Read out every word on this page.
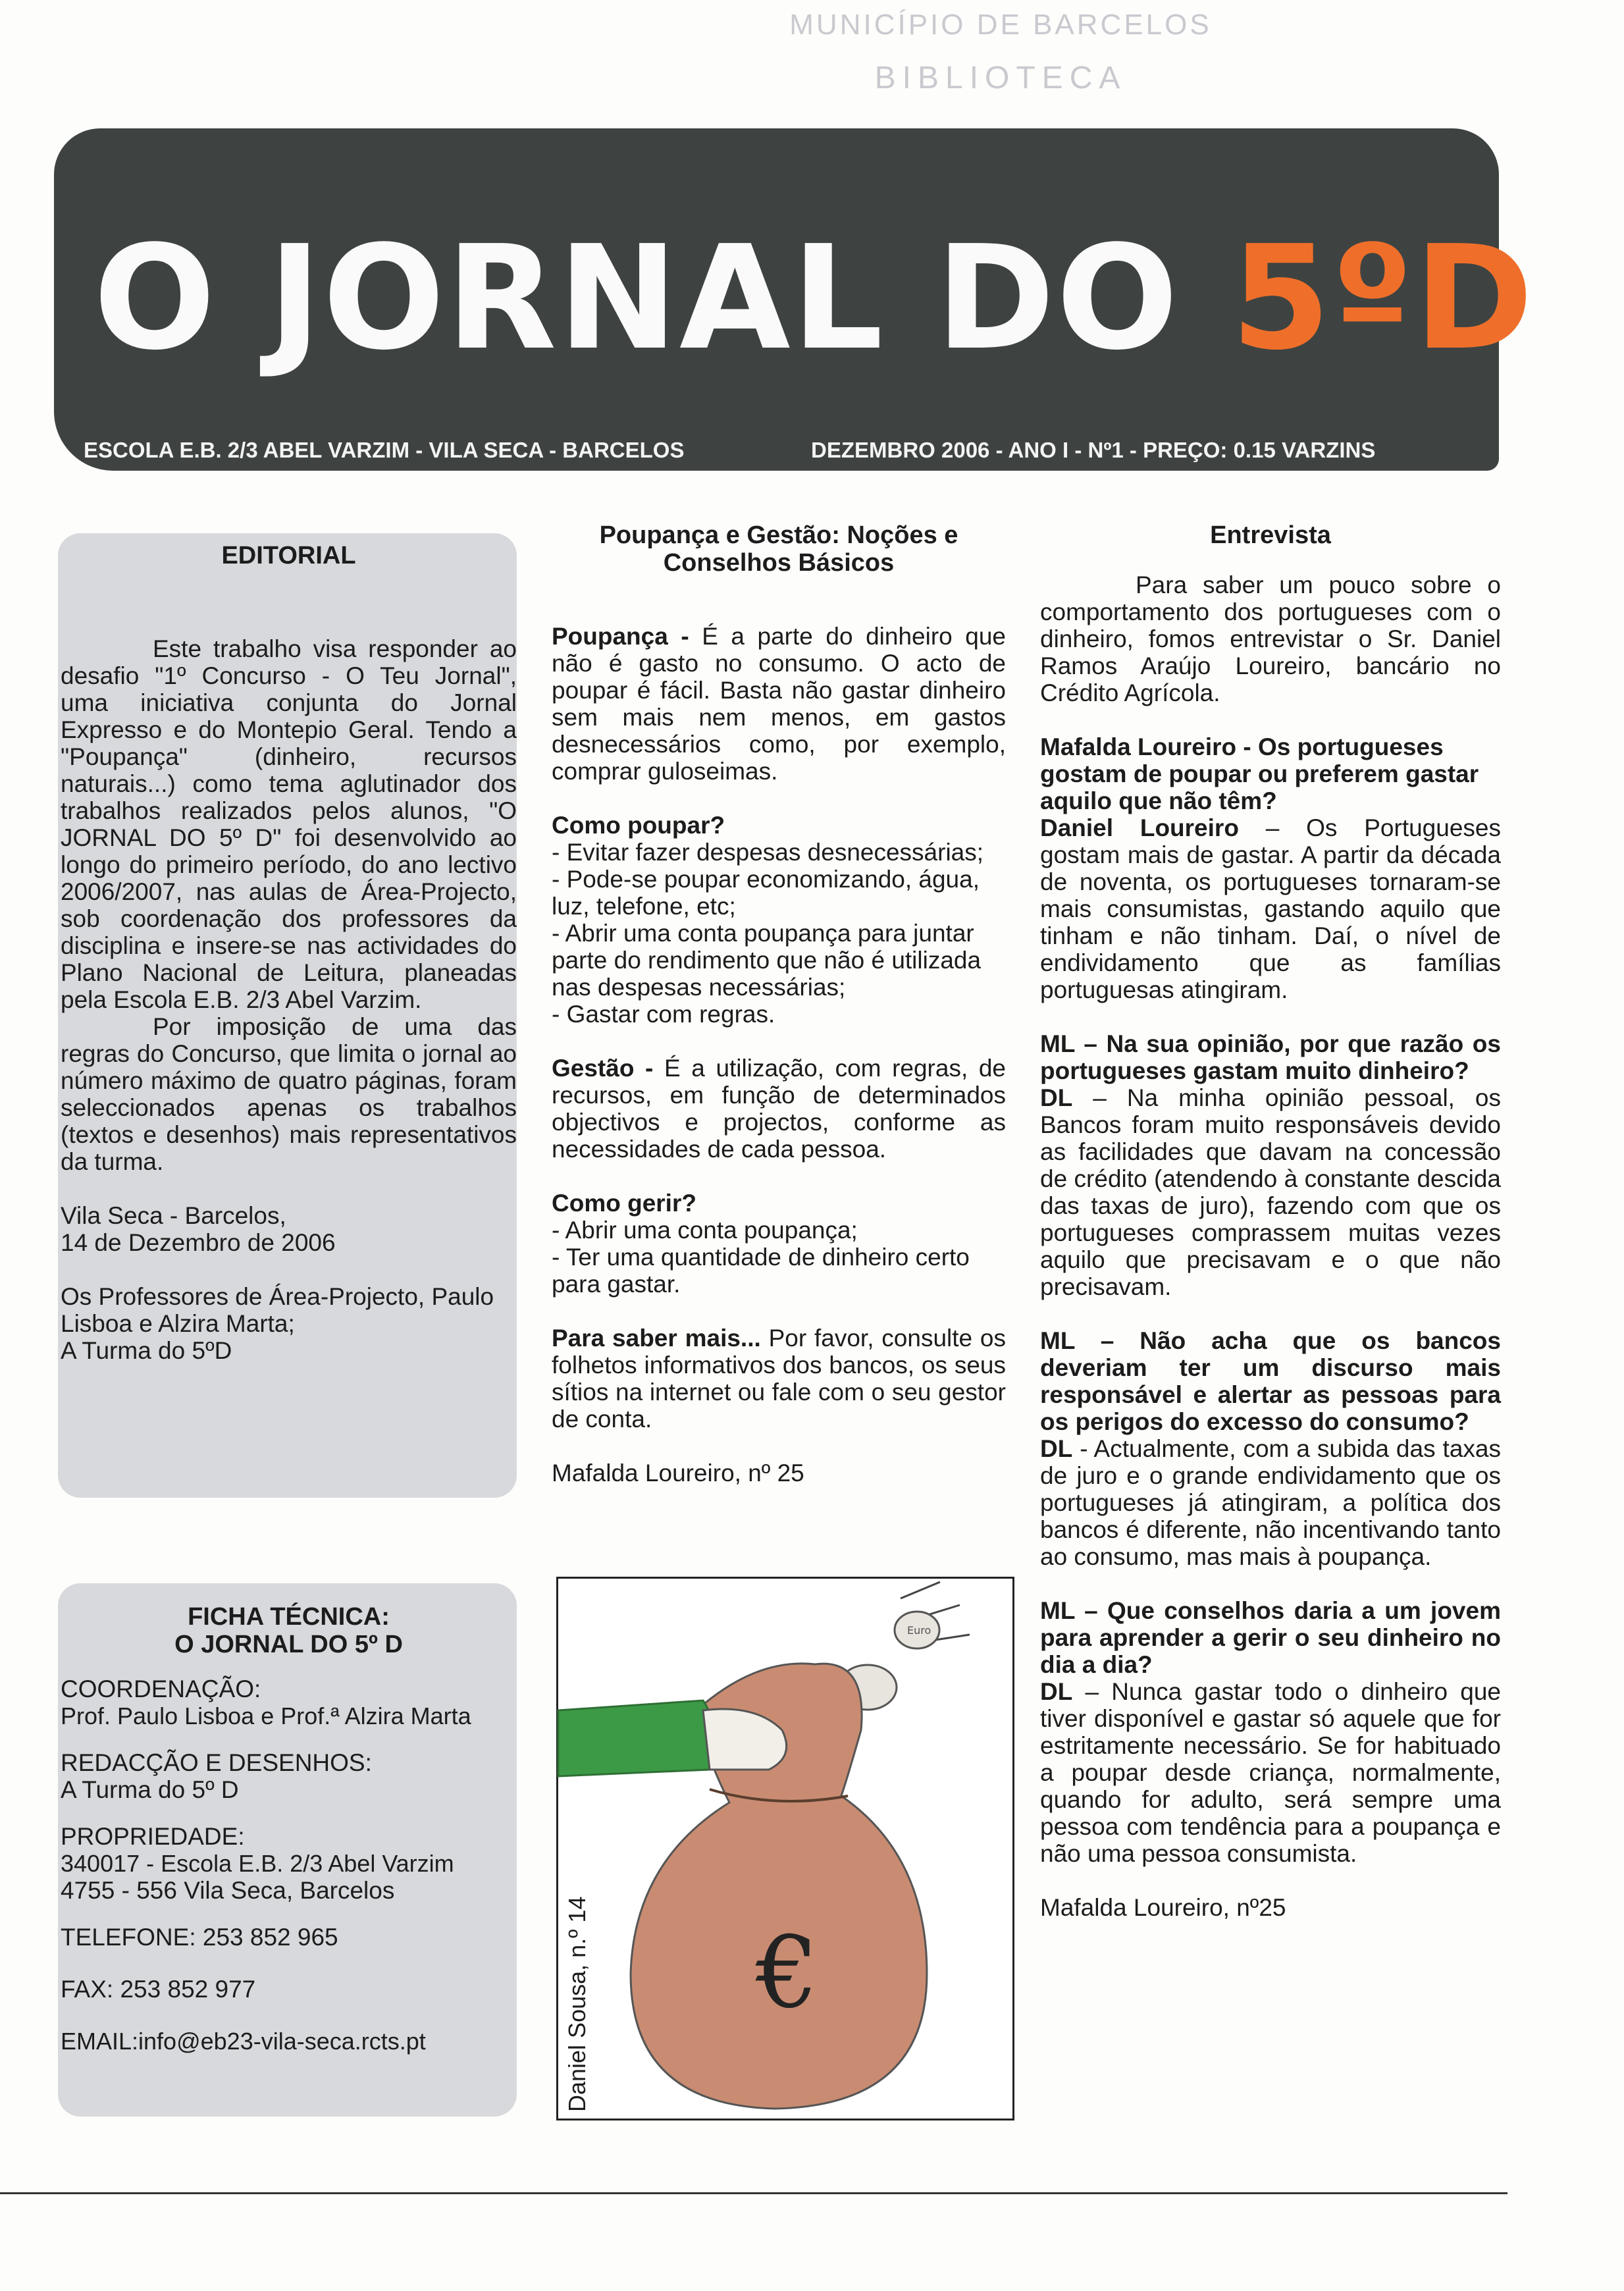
MUNICÍPIO DE BARCELOS
BIBLIOTECA
O JORNAL DO 5ºD
ESCOLA E.B. 2/3 ABEL VARZIM - VILA SECA - BARCELOS	DEZEMBRO 2006 - ANO I - Nº1 - PREÇO: 0.15 VARZINS
EDITORIAL

Este trabalho visa responder ao desafio "1º Concurso - O Teu Jornal", uma iniciativa conjunta do Jornal Expresso e do Montepio Geral. Tendo a "Poupança" (dinheiro, recursos naturais...) como tema aglutinador dos trabalhos realizados pelos alunos, "O JORNAL DO 5º D" foi desenvolvido ao longo do primeiro período, do ano lectivo 2006/2007, nas aulas de Área-Projecto, sob coordenação dos professores da disciplina e insere-se nas actividades do Plano Nacional de Leitura, planeadas pela Escola E.B. 2/3 Abel Varzim.

Por imposição de uma das regras do Concurso, que limita o jornal ao número máximo de quatro páginas, foram seleccionados apenas os trabalhos (textos e desenhos) mais representativos da turma.

Vila Seca - Barcelos,

14 de Dezembro de 2006

Os Professores de Área-Projecto, Paulo Lisboa e Alzira Marta;

A Turma do 5ºD

FICHA TÉCNICA:
O JORNAL DO 5º D

COORDENAÇÃO:

Prof. Paulo Lisboa e Prof.ª Alzira Marta

REDACÇÃO E DESENHOS:

A Turma do 5º D

PROPRIEDADE:

340017 - Escola E.B. 2/3 Abel Varzim

4755 - 556 Vila Seca, Barcelos

TELEFONE: 253 852 965

FAX: 253 852 977

EMAIL:info@eb23-vila-seca.rcts.pt

Poupança e Gestão: Noções e Conselhos Básicos

Poupança - É a parte do dinheiro que não é gasto no consumo. O acto de poupar é fácil. Basta não gastar dinheiro sem mais nem menos, em gastos desnecessários como, por exemplo, comprar guloseimas.

Como poupar?

- Evitar fazer despesas desnecessárias;

- Pode-se poupar economizando, água, luz, telefone, etc;

- Abrir uma conta poupança para juntar parte do rendimento que não é utilizada nas despesas necessárias;

- Gastar com regras.

Gestão - É a utilização, com regras, de recursos, em função de determinados objectivos e projectos, conforme as necessidades de cada pessoa.

Como gerir?

- Abrir uma conta poupança;

- Ter uma quantidade de dinheiro certo para gastar.

Para saber mais... Por favor, consulte os folhetos informativos dos bancos, os seus sítios na internet ou fale com o seu gestor de conta.

Mafalda Loureiro, nº 25

Euro
€
Daniel Sousa, n.º 14

Entrevista

Para saber um pouco sobre o comportamento dos portugueses com o dinheiro, fomos entrevistar o Sr. Daniel Ramos Araújo Loureiro, bancário no Crédito Agrícola.

Mafalda Loureiro - Os portugueses gostam de poupar ou preferem gastar aquilo que não têm?

Daniel Loureiro – Os Portugueses gostam mais de gastar. A partir da década de noventa, os portugueses tornaram-se mais consumistas, gastando aquilo que tinham e não tinham. Daí, o nível de endividamento que as famílias portuguesas atingiram.

ML – Na sua opinião, por que razão os portugueses gastam muito dinheiro?

DL – Na minha opinião pessoal, os Bancos foram muito responsáveis devido as facilidades que davam na concessão de crédito (atendendo à constante descida das taxas de juro), fazendo com que os portugueses comprassem muitas vezes aquilo que precisavam e o que não precisavam.

ML – Não acha que os bancos deveriam ter um discurso mais responsável e alertar as pessoas para os perigos do excesso do consumo?

DL - Actualmente, com a subida das taxas de juro e o grande endividamento que os portugueses já atingiram, a política dos bancos é diferente, não incentivando tanto ao consumo, mas mais à poupança.

ML – Que conselhos daria a um jovem para aprender a gerir o seu dinheiro no dia a dia?

DL – Nunca gastar todo o dinheiro que tiver disponível e gastar só aquele que for estritamente necessário. Se for habituado a poupar desde criança, normalmente, quando for adulto, será sempre uma pessoa com tendência para a poupança e não uma pessoa consumista.

Mafalda Loureiro, nº25
